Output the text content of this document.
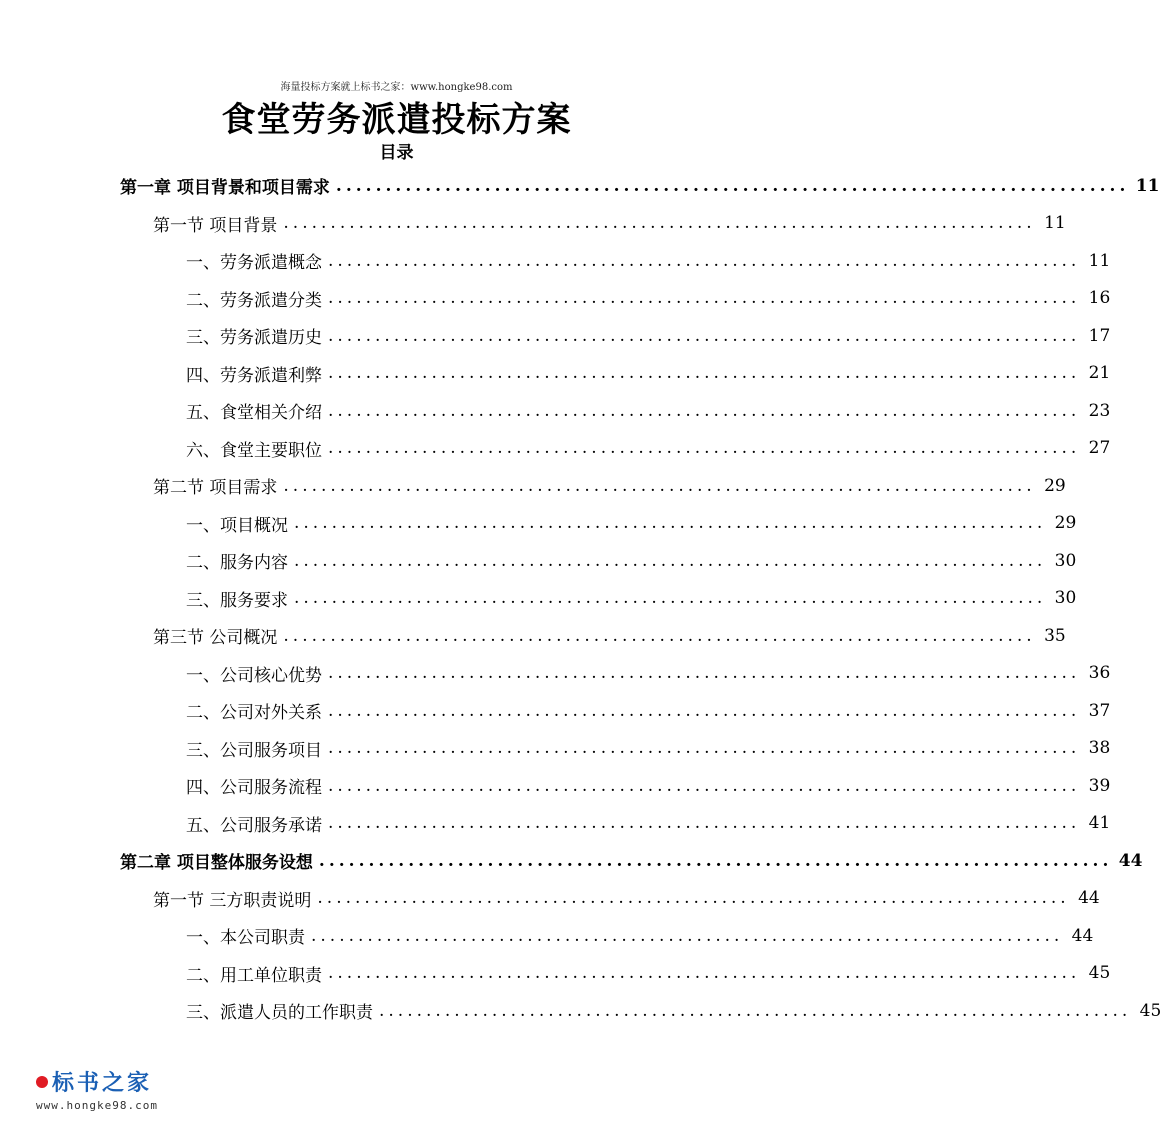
海量投标方案就上标书之家：www.hongke98.com
食堂劳务派遣投标方案
目录
第一章 项目背景和项目需求 ................................................................................ 11
第一节 项目背景 ................................................................................ 11
一、劳务派遣概念 ................................................................................ 11
二、劳务派遣分类 ................................................................................ 16
三、劳务派遣历史 ................................................................................ 17
四、劳务派遣利弊 ................................................................................ 21
五、食堂相关介绍 ................................................................................ 23
六、食堂主要职位 ................................................................................ 27
第二节 项目需求 ................................................................................ 29
一、项目概况 ................................................................................ 29
二、服务内容 ................................................................................ 30
三、服务要求 ................................................................................ 30
第三节 公司概况 ................................................................................ 35
一、公司核心优势 ................................................................................ 36
二、公司对外关系 ................................................................................ 37
三、公司服务项目 ................................................................................ 38
四、公司服务流程 ................................................................................ 39
五、公司服务承诺 ................................................................................ 41
第二章 项目整体服务设想 ................................................................................ 44
第一节 三方职责说明 ................................................................................ 44
一、本公司职责 ................................................................................ 44
二、用工单位职责 ................................................................................ 45
三、派遣人员的工作职责 ................................................................................ 45
标书之家
www.hongke98.com
